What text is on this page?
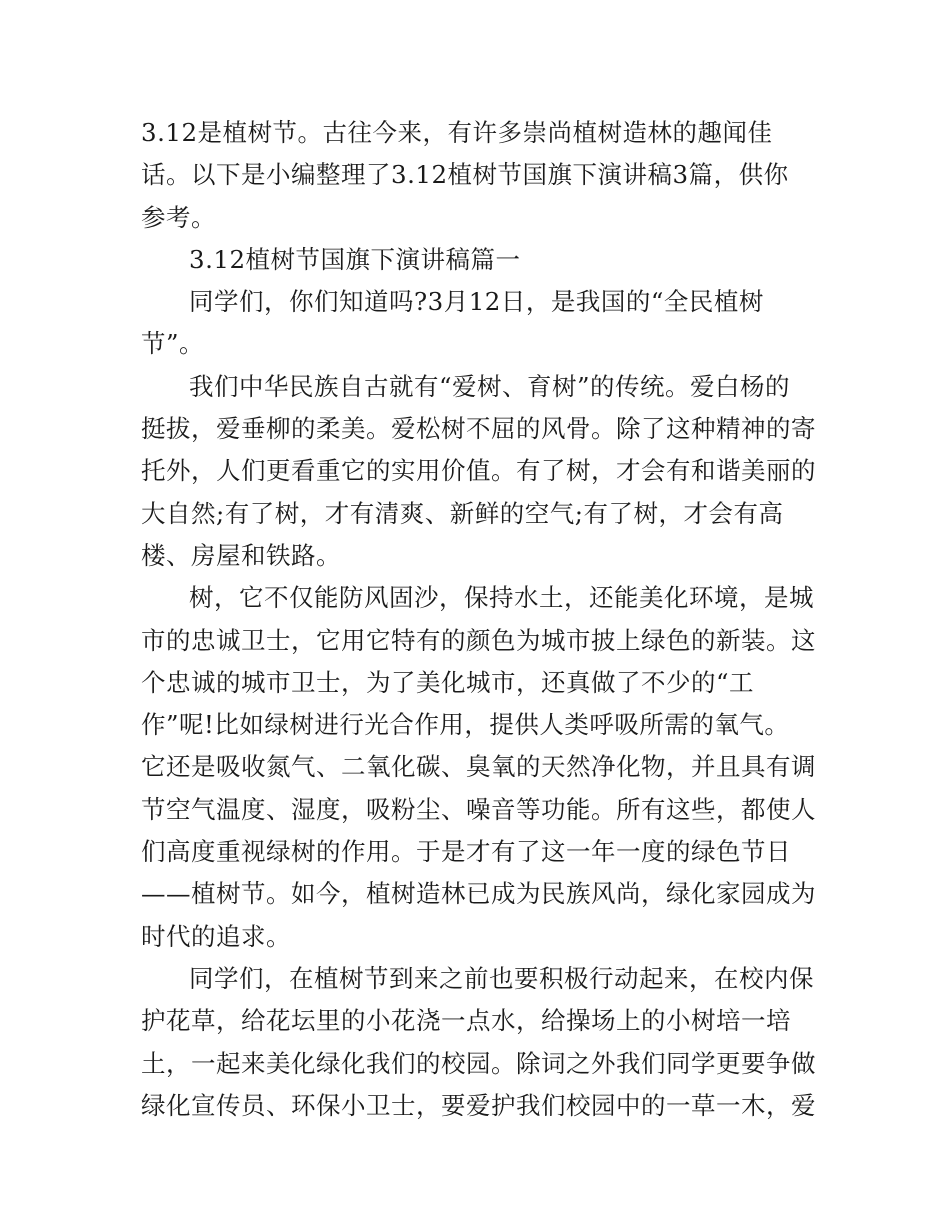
3.12是植树节。古往今来，有许多崇尚植树造林的趣闻佳
话。以下是小编整理了3.12植树节国旗下演讲稿3篇，供你
参考。
3.12植树节国旗下演讲稿篇一
同学们，你们知道吗?3月12日，是我国的“全民植树
节”。
我们中华民族自古就有“爱树、育树”的传统。爱白杨的
挺拔，爱垂柳的柔美。爱松树不屈的风骨。除了这种精神的寄
托外，人们更看重它的实用价值。有了树，才会有和谐美丽的
大自然;有了树，才有清爽、新鲜的空气;有了树，才会有高
楼、房屋和铁路。
树，它不仅能防风固沙，保持水土，还能美化环境，是城
市的忠诚卫士，它用它特有的颜色为城市披上绿色的新装。这
个忠诚的城市卫士，为了美化城市，还真做了不少的“工
作”呢!比如绿树进行光合作用，提供人类呼吸所需的氧气。
它还是吸收氮气、二氧化碳、臭氧的天然净化物，并且具有调
节空气温度、湿度，吸粉尘、噪音等功能。所有这些，都使人
们高度重视绿树的作用。于是才有了这一年一度的绿色节日
——植树节。如今，植树造林已成为民族风尚，绿化家园成为
时代的追求。
同学们，在植树节到来之前也要积极行动起来，在校内保
护花草，给花坛里的小花浇一点水，给操场上的小树培一培
土，一起来美化绿化我们的校园。除词之外我们同学更要争做
绿化宣传员、环保小卫士，要爱护我们校园中的一草一木，爱
